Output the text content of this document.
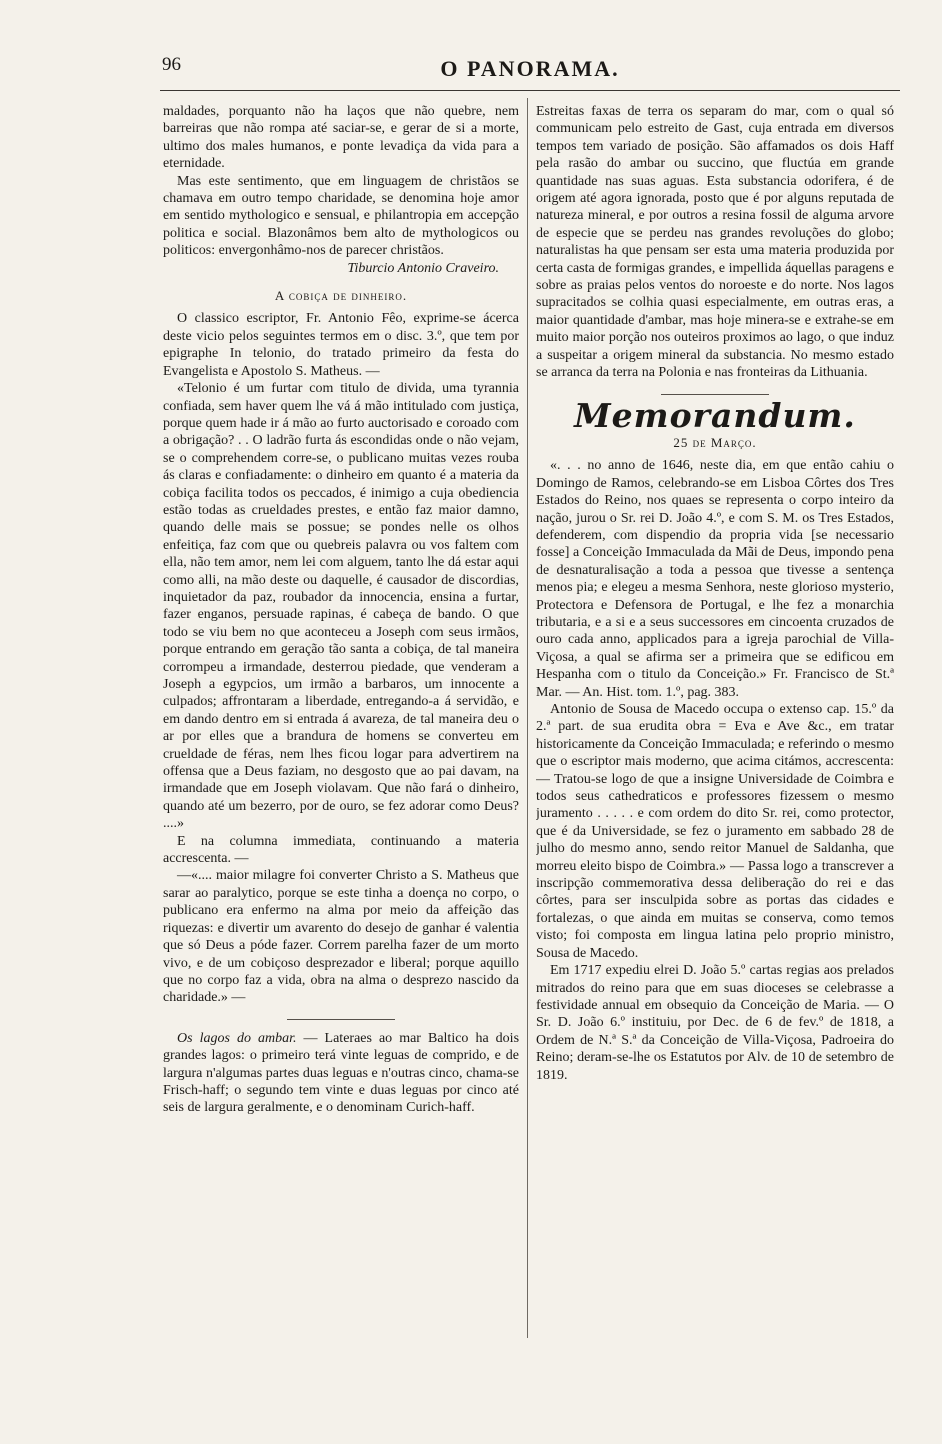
96	O PANORAMA.

maldades, porquanto não ha laços que não quebre, nem barreiras que não rompa até saciar-se, e gerar de si a morte, ultimo dos males humanos, e ponte levadiça da vida para a eternidade.

Mas este sentimento, que em linguagem de christãos se chamava em outro tempo charidade, se denomina hoje amor em sentido mythologico e sensual, e philantropia em accepção politica e social. Blazonâmos bem alto de mythologicos ou politicos: envergonhâmo-nos de parecer christãos.

Tiburcio Antonio Craveiro.

A cobiça de dinheiro.

O classico escriptor, Fr. Antonio Fêo, exprime-se ácerca deste vicio pelos seguintes termos em o disc. 3.º, que tem por epigraphe In telonio, do tratado primeiro da festa do Evangelista e Apostolo S. Matheus. —

«Telonio é um furtar com titulo de divida, uma tyrannia confiada, sem haver quem lhe vá á mão intitulado com justiça, porque quem hade ir á mão ao furto auctorisado e coroado com a obrigação? . . O ladrão furta ás escondidas onde o não vejam, se o comprehendem corre-se, o publicano muitas vezes rouba ás claras e confiadamente: o dinheiro em quanto é a materia da cobiça facilita todos os peccados, é inimigo a cuja obediencia estão todas as crueldades prestes, e então faz maior damno, quando delle mais se possue; se pondes nelle os olhos enfeitiça, faz com que ou quebreis palavra ou vos faltem com ella, não tem amor, nem lei com alguem, tanto lhe dá estar aqui como alli, na mão deste ou daquelle, é causador de discordias, inquietador da paz, roubador da innocencia, ensina a furtar, fazer enganos, persuade rapinas, é cabeça de bando. O que todo se viu bem no que aconteceu a Joseph com seus irmãos, porque entrando em geração tão santa a cobiça, de tal maneira corrompeu a irmandade, desterrou piedade, que venderam a Joseph a egypcios, um irmão a barbaros, um innocente a culpados; affrontaram a liberdade, entregando-a á servidão, e em dando dentro em si entrada á avareza, de tal maneira deu o ar por elles que a brandura de homens se converteu em crueldade de féras, nem lhes ficou logar para advertirem na offensa que a Deus faziam, no desgosto que ao pai davam, na irmandade que em Joseph violavam. Que não fará o dinheiro, quando até um bezerro, por de ouro, se fez adorar como Deus? ....»

E na columna immediata, continuando a materia accrescenta. —

—«.... maior milagre foi converter Christo a S. Matheus que sarar ao paralytico, porque se este tinha a doença no corpo, o publicano era enfermo na alma por meio da affeição das riquezas: e divertir um avarento do desejo de ganhar é valentia que só Deus a póde fazer. Correm parelha fazer de um morto vivo, e de um cobiçoso desprezador e liberal; porque aquillo que no corpo faz a vida, obra na alma o desprezo nascido da charidade.» —

Os lagos do ambar. — Lateraes ao mar Baltico ha dois grandes lagos: o primeiro terá vinte leguas de comprido, e de largura n'algumas partes duas leguas e n'outras cinco, chama-se Frisch-haff; o segundo tem vinte e duas leguas por cinco até seis de largura geralmente, e o denominam Curich-haff.

Estreitas faxas de terra os separam do mar, com o qual só communicam pelo estreito de Gast, cuja entrada em diversos tempos tem variado de posição. São affamados os dois Haff pela rasão do ambar ou succino, que fluctúa em grande quantidade nas suas aguas. Esta substancia odorifera, é de origem até agora ignorada, posto que é por alguns reputada de natureza mineral, e por outros a resina fossil de alguma arvore de especie que se perdeu nas grandes revoluções do globo; naturalistas ha que pensam ser esta uma materia produzida por certa casta de formigas grandes, e impellida áquellas paragens e sobre as praias pelos ventos do noroeste e do norte. Nos lagos supracitados se colhia quasi especialmente, em outras eras, a maior quantidade d'ambar, mas hoje minera-se e extrahe-se em muito maior porção nos outeiros proximos ao lago, o que induz a suspeitar a origem mineral da substancia. No mesmo estado se arranca da terra na Polonia e nas fronteiras da Lithuania.

Memorandum.
25 de Março.

«. . . no anno de 1646, neste dia, em que então cahiu o Domingo de Ramos, celebrando-se em Lisboa Côrtes dos Tres Estados do Reino, nos quaes se representa o corpo inteiro da nação, jurou o Sr. rei D. João 4.º, e com S. M. os Tres Estados, defenderem, com dispendio da propria vida [se necessario fosse] a Conceição Immaculada da Mãi de Deus, impondo pena de desnaturalisação a toda a pessoa que tivesse a sentença menos pia; e elegeu a mesma Senhora, neste glorioso mysterio, Protectora e Defensora de Portugal, e lhe fez a monarchia tributaria, e a si e a seus successores em cincoenta cruzados de ouro cada anno, applicados para a igreja parochial de Villa-Viçosa, a qual se afirma ser a primeira que se edificou em Hespanha com o titulo da Conceição.» Fr. Francisco de St.ª Mar. — An. Hist. tom. 1.º, pag. 383.

Antonio de Sousa de Macedo occupa o extenso cap. 15.º da 2.ª part. de sua erudita obra = Eva e Ave &c., em tratar historicamente da Conceição Immaculada; e referindo o mesmo que o escriptor mais moderno, que acima citámos, accrescenta: — Tratou-se logo de que a insigne Universidade de Coimbra e todos seus cathedraticos e professores fizessem o mesmo juramento . . . . . e com ordem do dito Sr. rei, como protector, que é da Universidade, se fez o juramento em sabbado 28 de julho do mesmo anno, sendo reitor Manuel de Saldanha, que morreu eleito bispo de Coimbra.» — Passa logo a transcrever a inscripção commemorativa dessa deliberação do rei e das côrtes, para ser insculpida sobre as portas das cidades e fortalezas, o que ainda em muitas se conserva, como temos visto; foi composta em lingua latina pelo proprio ministro, Sousa de Macedo.

Em 1717 expediu elrei D. João 5.º cartas regias aos prelados mitrados do reino para que em suas dioceses se celebrasse a festividade annual em obsequio da Conceição de Maria. — O Sr. D. João 6.º instituiu, por Dec. de 6 de fev.º de 1818, a Ordem de N.ª S.ª da Conceição de Villa-Viçosa, Padroeira do Reino; deram-se-lhe os Estatutos por Alv. de 10 de setembro de 1819.
